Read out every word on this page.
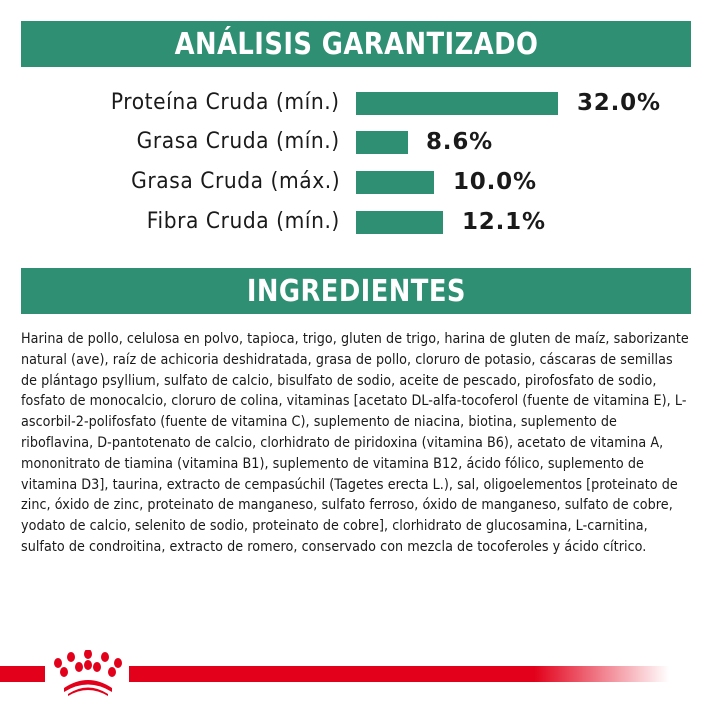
ANÁLISIS GARANTIZADO
Proteína Cruda (mín.)	32.0%
Grasa Cruda (mín.)	8.6%
Grasa Cruda (máx.)	10.0%
Fibra Cruda (mín.)	12.1%
INGREDIENTES
Harina de pollo, celulosa en polvo, tapioca, trigo, gluten de trigo, harina de gluten de maíz, saborizante natural (ave), raíz de achicoria deshidratada, grasa de pollo, cloruro de potasio, cáscaras de semillas de plántago psyllium, sulfato de calcio, bisulfato de sodio, aceite de pescado, pirofosfato de sodio, fosfato de monocalcio, cloruro de colina, vitaminas [acetato DL-alfa-tocoferol (fuente de vitamina E), L-ascorbil-2-polifosfato (fuente de vitamina C), suplemento de niacina, biotina, suplemento de riboflavina, D-pantotenato de calcio, clorhidrato de piridoxina (vitamina B6), acetato de vitamina A, mononitrato de tiamina (vitamina B1), suplemento de vitamina B12, ácido fólico, suplemento de vitamina D3], taurina, extracto de cempasúchil (Tagetes erecta L.), sal, oligoelementos [proteinato de zinc, óxido de zinc, proteinato de manganeso, sulfato ferroso, óxido de manganeso, sulfato de cobre, yodato de calcio, selenito de sodio, proteinato de cobre], clorhidrato de glucosamina, L-carnitina, sulfato de condroitina, extracto de romero, conservado con mezcla de tocoferoles y ácido cítrico.
